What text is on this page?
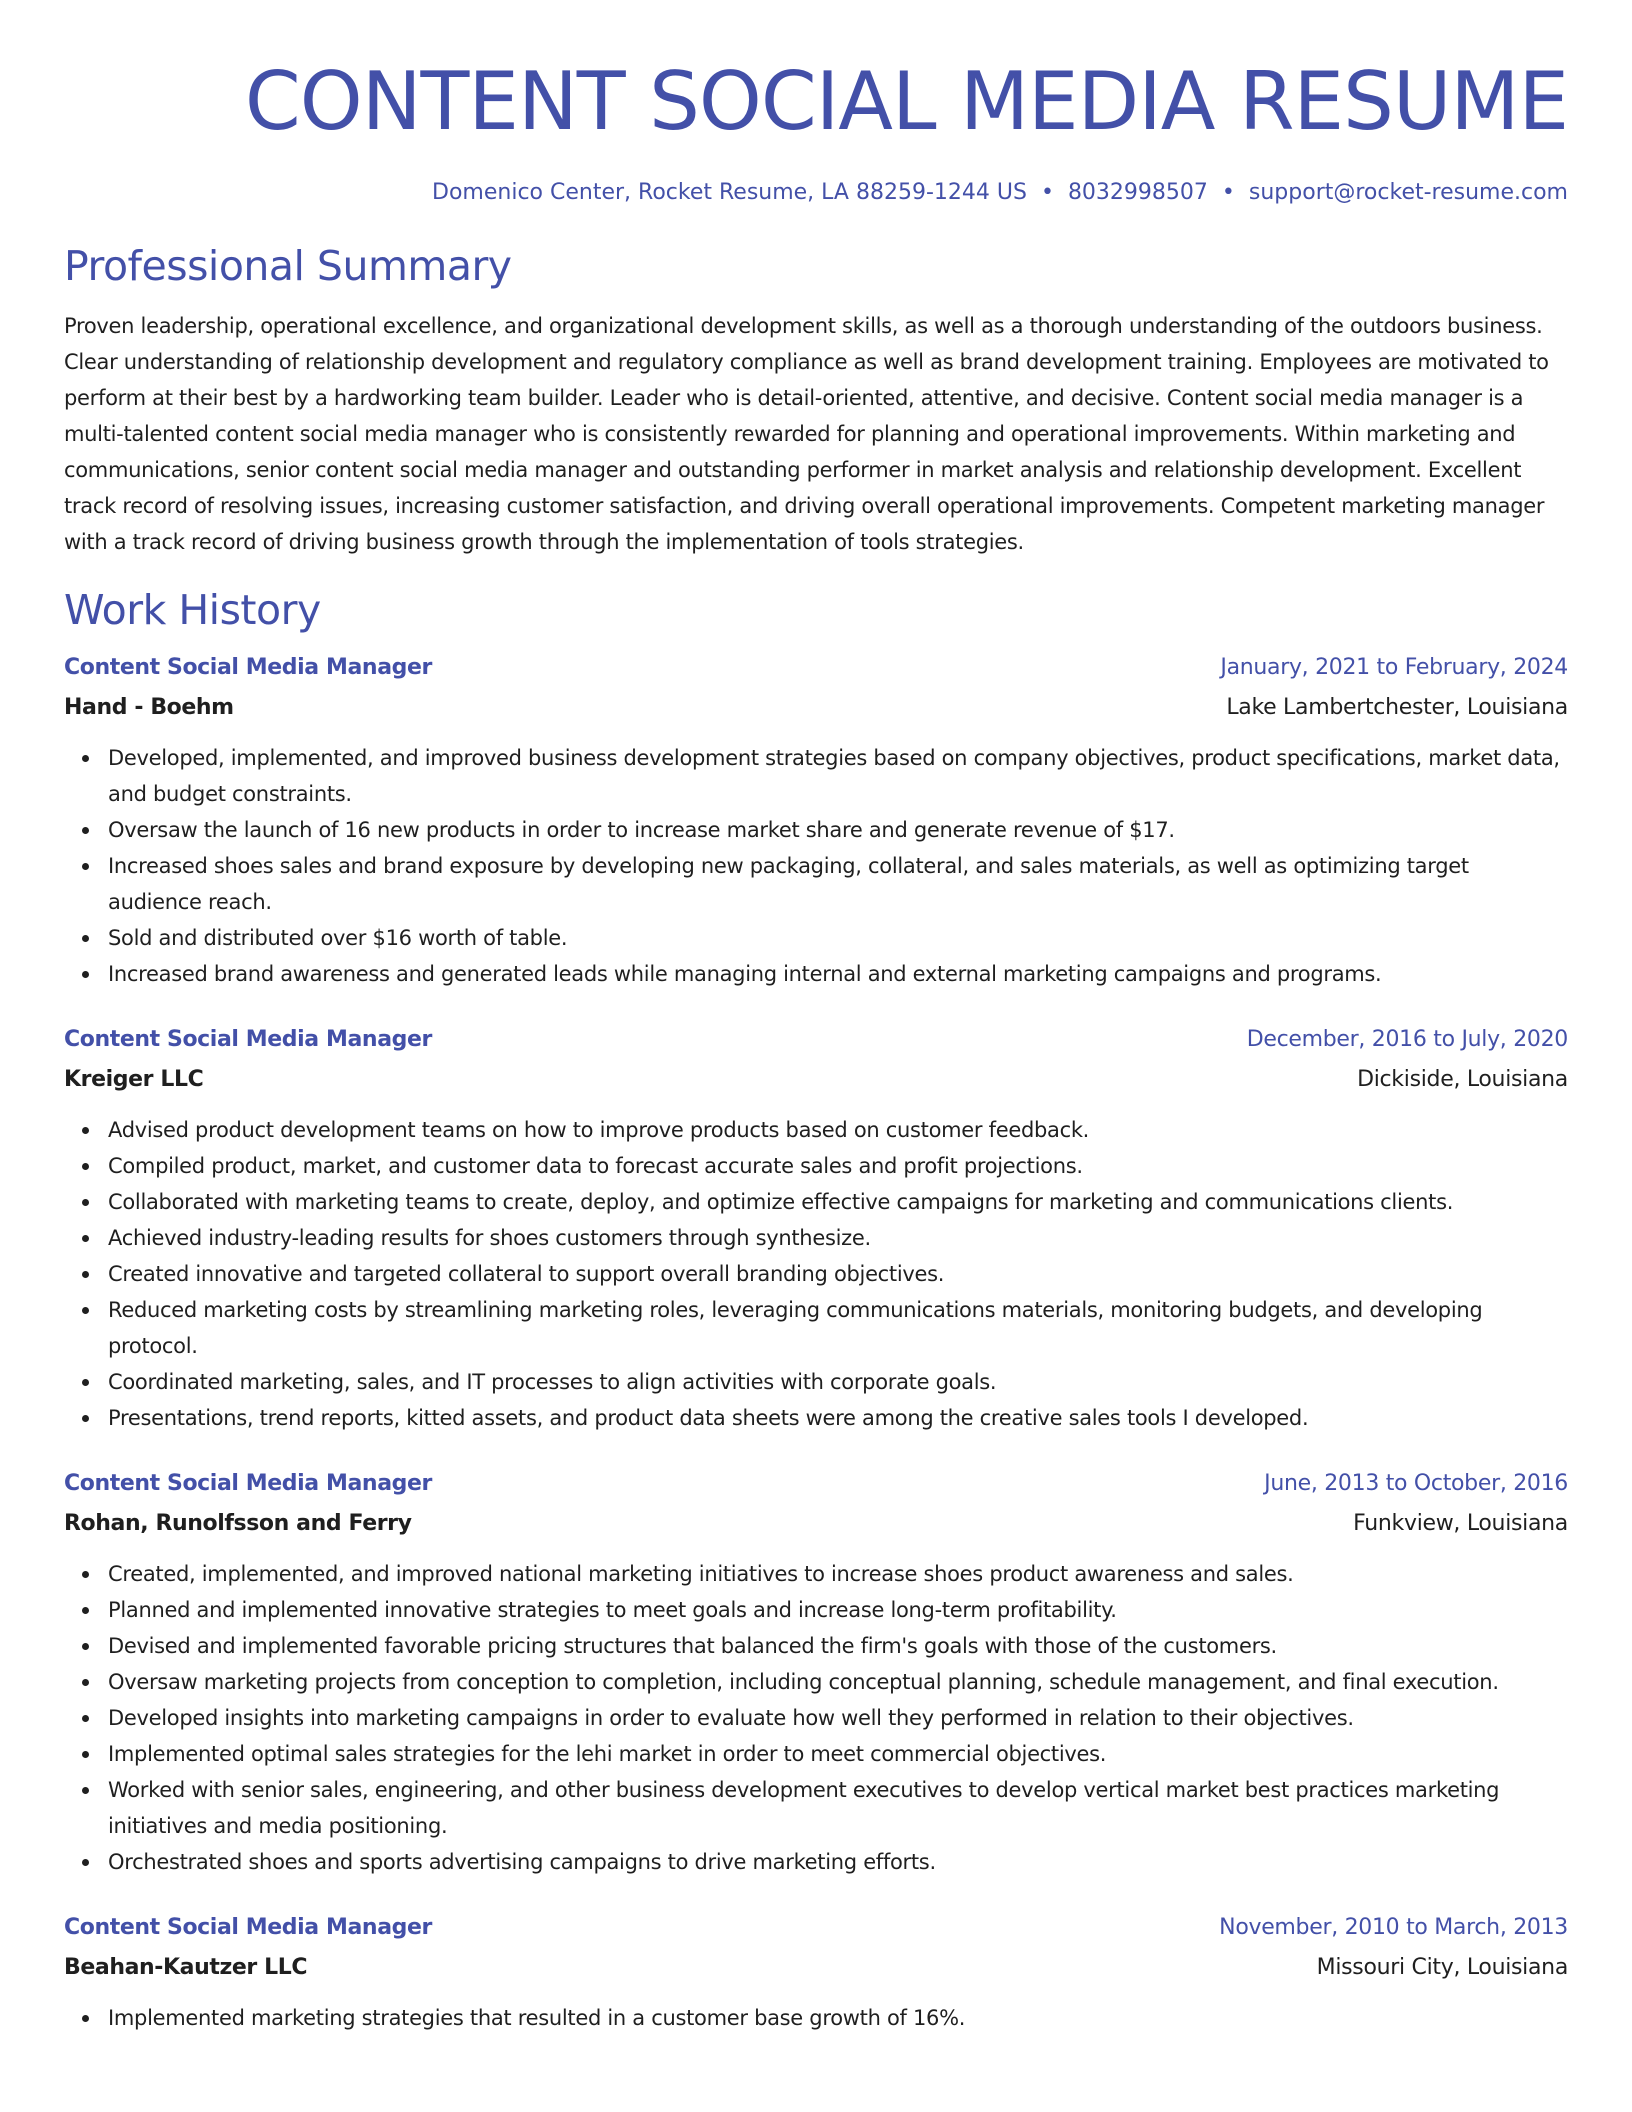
CONTENT SOCIAL MEDIA RESUME
Domenico Center, Rocket Resume, LA 88259-1244 US • 8032998507 • support@rocket-resume.com
Professional Summary

Proven leadership, operational excellence, and organizational development skills, as well as a thorough understanding of the outdoors business. Clear understanding of relationship development and regulatory compliance as well as brand development training. Employees are motivated to perform at their best by a hardworking team builder. Leader who is detail-oriented, attentive, and decisive. Content social media manager is a multi-talented content social media manager who is consistently rewarded for planning and operational improvements. Within marketing and communications, senior content social media manager and outstanding performer in market analysis and relationship development. Excellent track record of resolving issues, increasing customer satisfaction, and driving overall operational improvements. Competent marketing manager with a track record of driving business growth through the implementation of tools strategies.

Work History
Content Social Media Manager	January, 2021 to February, 2024
Hand - Boehm	Lake Lambertchester, Louisiana
Developed, implemented, and improved business development strategies based on company objectives, product specifications, market data, and budget constraints.
Oversaw the launch of 16 new products in order to increase market share and generate revenue of $17.
Increased shoes sales and brand exposure by developing new packaging, collateral, and sales materials, as well as optimizing target audience reach.
Sold and distributed over $16 worth of table.
Increased brand awareness and generated leads while managing internal and external marketing campaigns and programs.
Content Social Media Manager	December, 2016 to July, 2020
Kreiger LLC	Dickiside, Louisiana
Advised product development teams on how to improve products based on customer feedback.
Compiled product, market, and customer data to forecast accurate sales and profit projections.
Collaborated with marketing teams to create, deploy, and optimize effective campaigns for marketing and communications clients.
Achieved industry-leading results for shoes customers through synthesize.
Created innovative and targeted collateral to support overall branding objectives.
Reduced marketing costs by streamlining marketing roles, leveraging communications materials, monitoring budgets, and developing protocol.
Coordinated marketing, sales, and IT processes to align activities with corporate goals.
Presentations, trend reports, kitted assets, and product data sheets were among the creative sales tools I developed.
Content Social Media Manager	June, 2013 to October, 2016
Rohan, Runolfsson and Ferry	Funkview, Louisiana
Created, implemented, and improved national marketing initiatives to increase shoes product awareness and sales.
Planned and implemented innovative strategies to meet goals and increase long-term profitability.
Devised and implemented favorable pricing structures that balanced the firm's goals with those of the customers.
Oversaw marketing projects from conception to completion, including conceptual planning, schedule management, and final execution.
Developed insights into marketing campaigns in order to evaluate how well they performed in relation to their objectives.
Implemented optimal sales strategies for the lehi market in order to meet commercial objectives.
Worked with senior sales, engineering, and other business development executives to develop vertical market best practices marketing initiatives and media positioning.
Orchestrated shoes and sports advertising campaigns to drive marketing efforts.
Content Social Media Manager	November, 2010 to March, 2013
Beahan-Kautzer LLC	Missouri City, Louisiana
Implemented marketing strategies that resulted in a customer base growth of 16%.
